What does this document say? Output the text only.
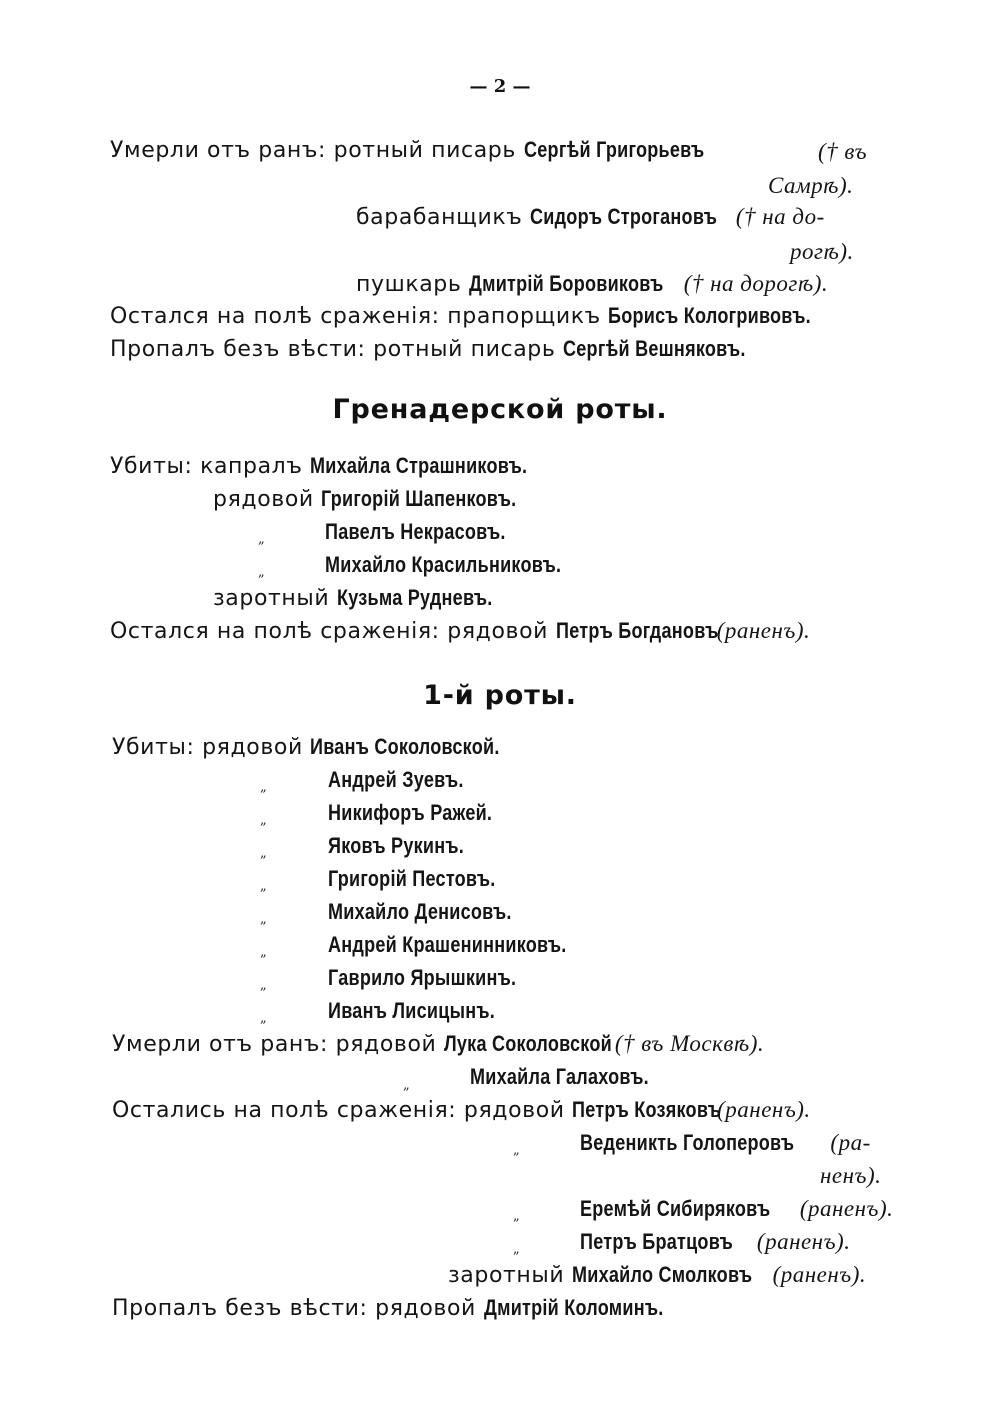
— 2 —
Умерли отъ ранъ: ротный писарь Сергѣй Григорьевъ	(† въ
Самрѣ).
барабанщикъ Сидоръ Строгановъ († на до-
рогѣ).
пушкарь Дмитрій Боровиковъ († на дорогѣ).
Остался на полѣ сраженія: прапорщикъ Борисъ Кологривовъ.
Пропалъ безъ вѣсти: ротный писарь Сергѣй Вешняковъ.
Гренадерской роты.
Убиты: капралъ Михайла Страшниковъ.
рядовой Григорій Шапенковъ.
„	Павелъ Некрасовъ.
„	Михайло Красильниковъ.
заротный Кузьма Рудневъ.
Остался на полѣ сраженія: рядовой Петръ Богдановъ (раненъ).
1-й роты.
Убиты: рядовой Иванъ Соколовской.
„	Андрей Зуевъ.
„	Никифоръ Ражей.
„	Яковъ Рукинъ.
„	Григорій Пестовъ.
„	Михайло Денисовъ.
„	Андрей Крашенинниковъ.
„	Гаврило Ярышкинъ.
„	Иванъ Лисицынъ.
Умерли отъ ранъ: рядовой Лука Соколовской († въ Москвѣ).
„	Михайла Галаховъ.
Остались на полѣ сраженія: рядовой Петръ Козяковъ (раненъ).
„	Веденикть Голоперовъ (ра-
ненъ).
„	Еремѣй Сибиряковъ (раненъ).
„	Петръ Братцовъ (раненъ).
заротный Михайло Смолковъ (раненъ).
Пропалъ безъ вѣсти: рядовой Дмитрій Коломинъ.
